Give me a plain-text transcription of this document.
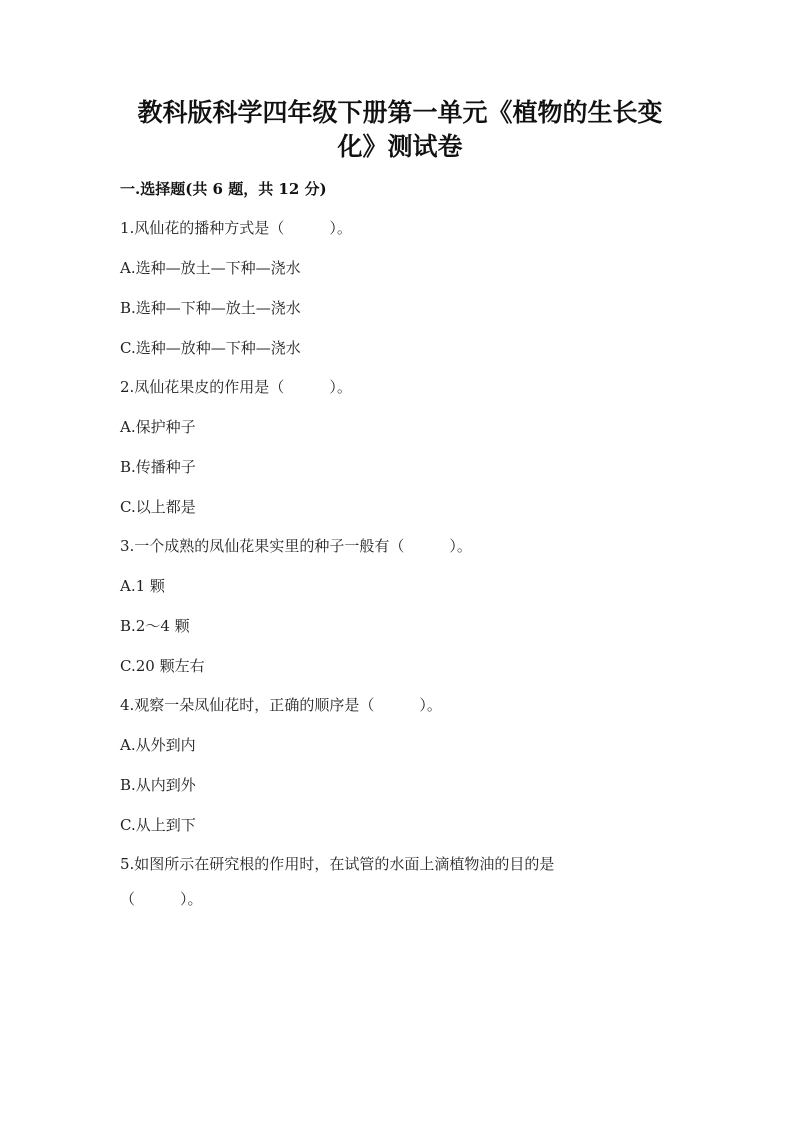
教科版科学四年级下册第一单元《植物的生长变
化》测试卷
一.选择题(共 6 题，共 12 分)
1.风仙花的播种方式是（　　　）。
A.选种—放土—下种—浇水
B.选种—下种—放土—浇水
C.选种—放种—下种—浇水
2.凤仙花果皮的作用是（　　　）。
A.保护种子
B.传播种子
C.以上都是
3.一个成熟的凤仙花果实里的种子一般有（　　　）。
A.1 颗
B.2～4 颗
C.20 颗左右
4.观察一朵凤仙花时，正确的顺序是（　　　）。
A.从外到内
B.从内到外
C.从上到下
5.如图所示在研究根的作用时，在试管的水面上滴植物油的目的是
（　　　）。
